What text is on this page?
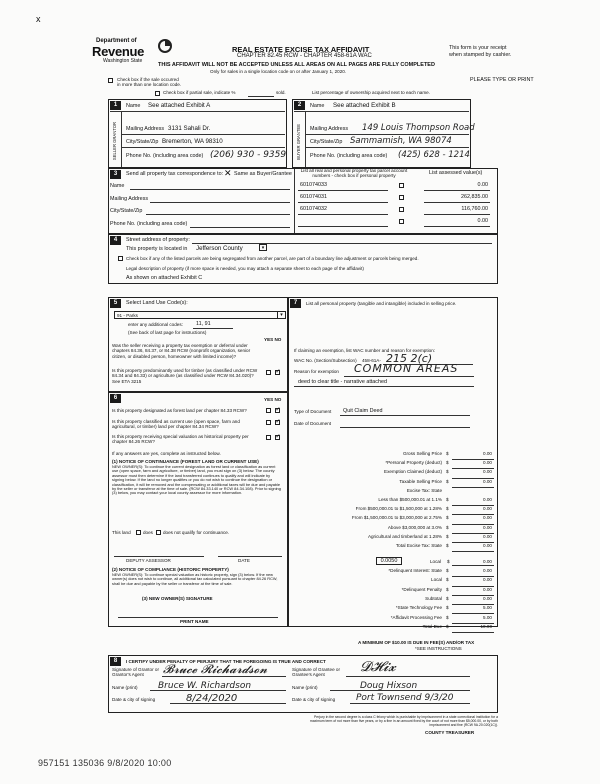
x
Department of
Revenue
Washington State
REAL ESTATE EXCISE TAX AFFIDAVIT
CHAPTER 82.45 RCW - CHAPTER 458-61A WAC
This form is your receipt
when stamped by cashier.
THIS AFFIDAVIT WILL NOT BE ACCEPTED UNLESS ALL AREAS ON ALL PAGES ARE FULLY COMPLETED
Only for sales in a single location code on or after January 1, 2020.
PLEASE TYPE OR PRINT
Check box if the sale occurred
in more than one location code.
Check box if partial sale, indicate %	sold.	List percentage of ownership acquired next to each name.
1	Name See attached Exhibit A
SELLER GRANTOR Mailing Address 3131 Sahali Dr.
City/State/Zip Bremerton, WA 98310
Phone No. (including area code) (206) 930 - 9359
2	Name See attached Exhibit B
BUYER GRANTEE Mailing Address 149 Louis Thompson Road
City/State/Zip Sammamish, WA 98074
Phone No. (including area code) (425) 628 - 1214
3	Send all property tax correspondence to: ✕ Same as Buyer/Grantee
Name
Mailing Address
City/State/Zip
Phone No. (including area code)
List all real and personal property tax parcel account numbers - check box if personal property	List assessed value(s)
601074033	0.00
601074031	262,835.00
601074032	116,760.00
0.00
4	Street address of property:
This property is located in Jefferson County	▾
Check box if any of the listed parcels are being segregated from another parcel, are part of a boundary line adjustment or parcels being merged.
Legal description of property (if more space is needed, you may attach a separate sheet to each page of the affidavit)
As shown on attached Exhibit C
5	Select Land Use Code(s):
91 - Parks	▾
enter any additional codes: 11, 91
(See back of last page for instructions)
YES NO
Was the seller receiving a property tax exemption or deferral under chapters 84.36, 84.37, or 84.38 RCW (nonprofit organization, senior citizen, or disabled person, homeowner with limited income)?
Is this property predominantly used for timber (as classified under RCW 84.34 and 84.33) or agriculture (as classified under RCW 84.34.020)? See ETA 3215
✓
6	YES NO
Is this property designated as forest land per chapter 84.33 RCW?
✓
Is this property classified as current use (open space, farm and agricultural, or timber) land per chapter 84.34 RCW?
✓
Is this property receiving special valuation as historical property per chapter 84.26 RCW?
✓
If any answers are yes, complete as instructed below.
(1) NOTICE OF CONTINUANCE (FOREST LAND OR CURRENT USE)
NEW OWNER(S): To continue the current designation as forest land or classification as current use (open space, farm and agriculture, or timber) land, you must sign on (3) below. The county assessor must then determine if the land transferred continues to qualify and will indicate by signing below. If the land no longer qualifies or you do not wish to continue the designation or classification, it will be removed and the compensating or additional taxes will be due and payable by the seller or transferor at the time of sale. (RCW 84.33.140 or RCW 84.34.108). Prior to signing (3) below, you may contact your local county assessor for more information.
This land	does does not qualify for continuance.
DEPUTY ASSESSOR	DATE
(2) NOTICE OF COMPLIANCE (HISTORIC PROPERTY)
NEW OWNER(S): To continue special valuation as historic property, sign (3) below. If the new owner(s) does not wish to continue, all additional tax calculated pursuant to chapter 84.26 RCW, shall be due and payable by the seller or transferor at the time of sale.
(3) NEW OWNER(S) SIGNATURE
PRINT NAME
7	List all personal property (tangible and intangible) included in selling price.
If claiming an exemption, list WAC number and reason for exemption:
WAC No. (Section/Subsection) 458-61A- 215 2(c)
Reason for exemption COMMON AREAS
deed to clear title - narrative attached
Type of Document Quit Claim Deed
Date of Document
Gross Selling Price $	0.00
*Personal Property (deduct) $	0.00
Exemption Claimed (deduct) $	0.00
Taxable Selling Price $	0.00
Excise Tax: State
Less than $500,000.01 at 1.1% $	0.00
From $500,000.01 to $1,500,000 at 1.28% $	0.00
From $1,500,000.01 to $3,000,000 at 2.75% $	0.00
Above $3,000,000 at 3.0% $	0.00
Agricultural and timberland at 1.28% $	0.00
Total Excise Tax: State $	0.00
0.0050	Local $	0.00
*Delinquent Interest: State $	0.00
Local $	0.00
*Delinquent Penalty $	0.00
Subtotal $	0.00
*State Technology Fee $	5.00
*Affidavit Processing Fee $	5.00
Total Due $	10.00
A MINIMUM OF $10.00 IS DUE IN FEE(S) AND/OR TAX
*SEE INSTRUCTIONS
8	I CERTIFY UNDER PENALTY OF PERJURY THAT THE FOREGOING IS TRUE AND CORRECT
Signature of Grantor or Grantor's Agent	𝓑𝓻𝓾𝓬𝓮 𝓡𝓲𝓬𝓱𝓪𝓻𝓭𝓼𝓸𝓷	Signature of Grantee or Grantee's Agent	𝓓𝓗𝓲𝔁
Name (print) Bruce W. Richardson	Name (print)	Doug Hixson
Date & city of signing	8/24/2020	Date & city of signing Port Townsend 9/3/20
Perjury in the second degree is a class C felony which is punishable by imprisonment in a state correctional institution for a maximum term of not more than five years, or by a fine in an amount fixed by the court of not more than $5,000.00, or by both imprisonment and fine (RCW 9A.20.020(1C)).
COUNTY TREASURER
957151 135036 9/8/2020 10:00
